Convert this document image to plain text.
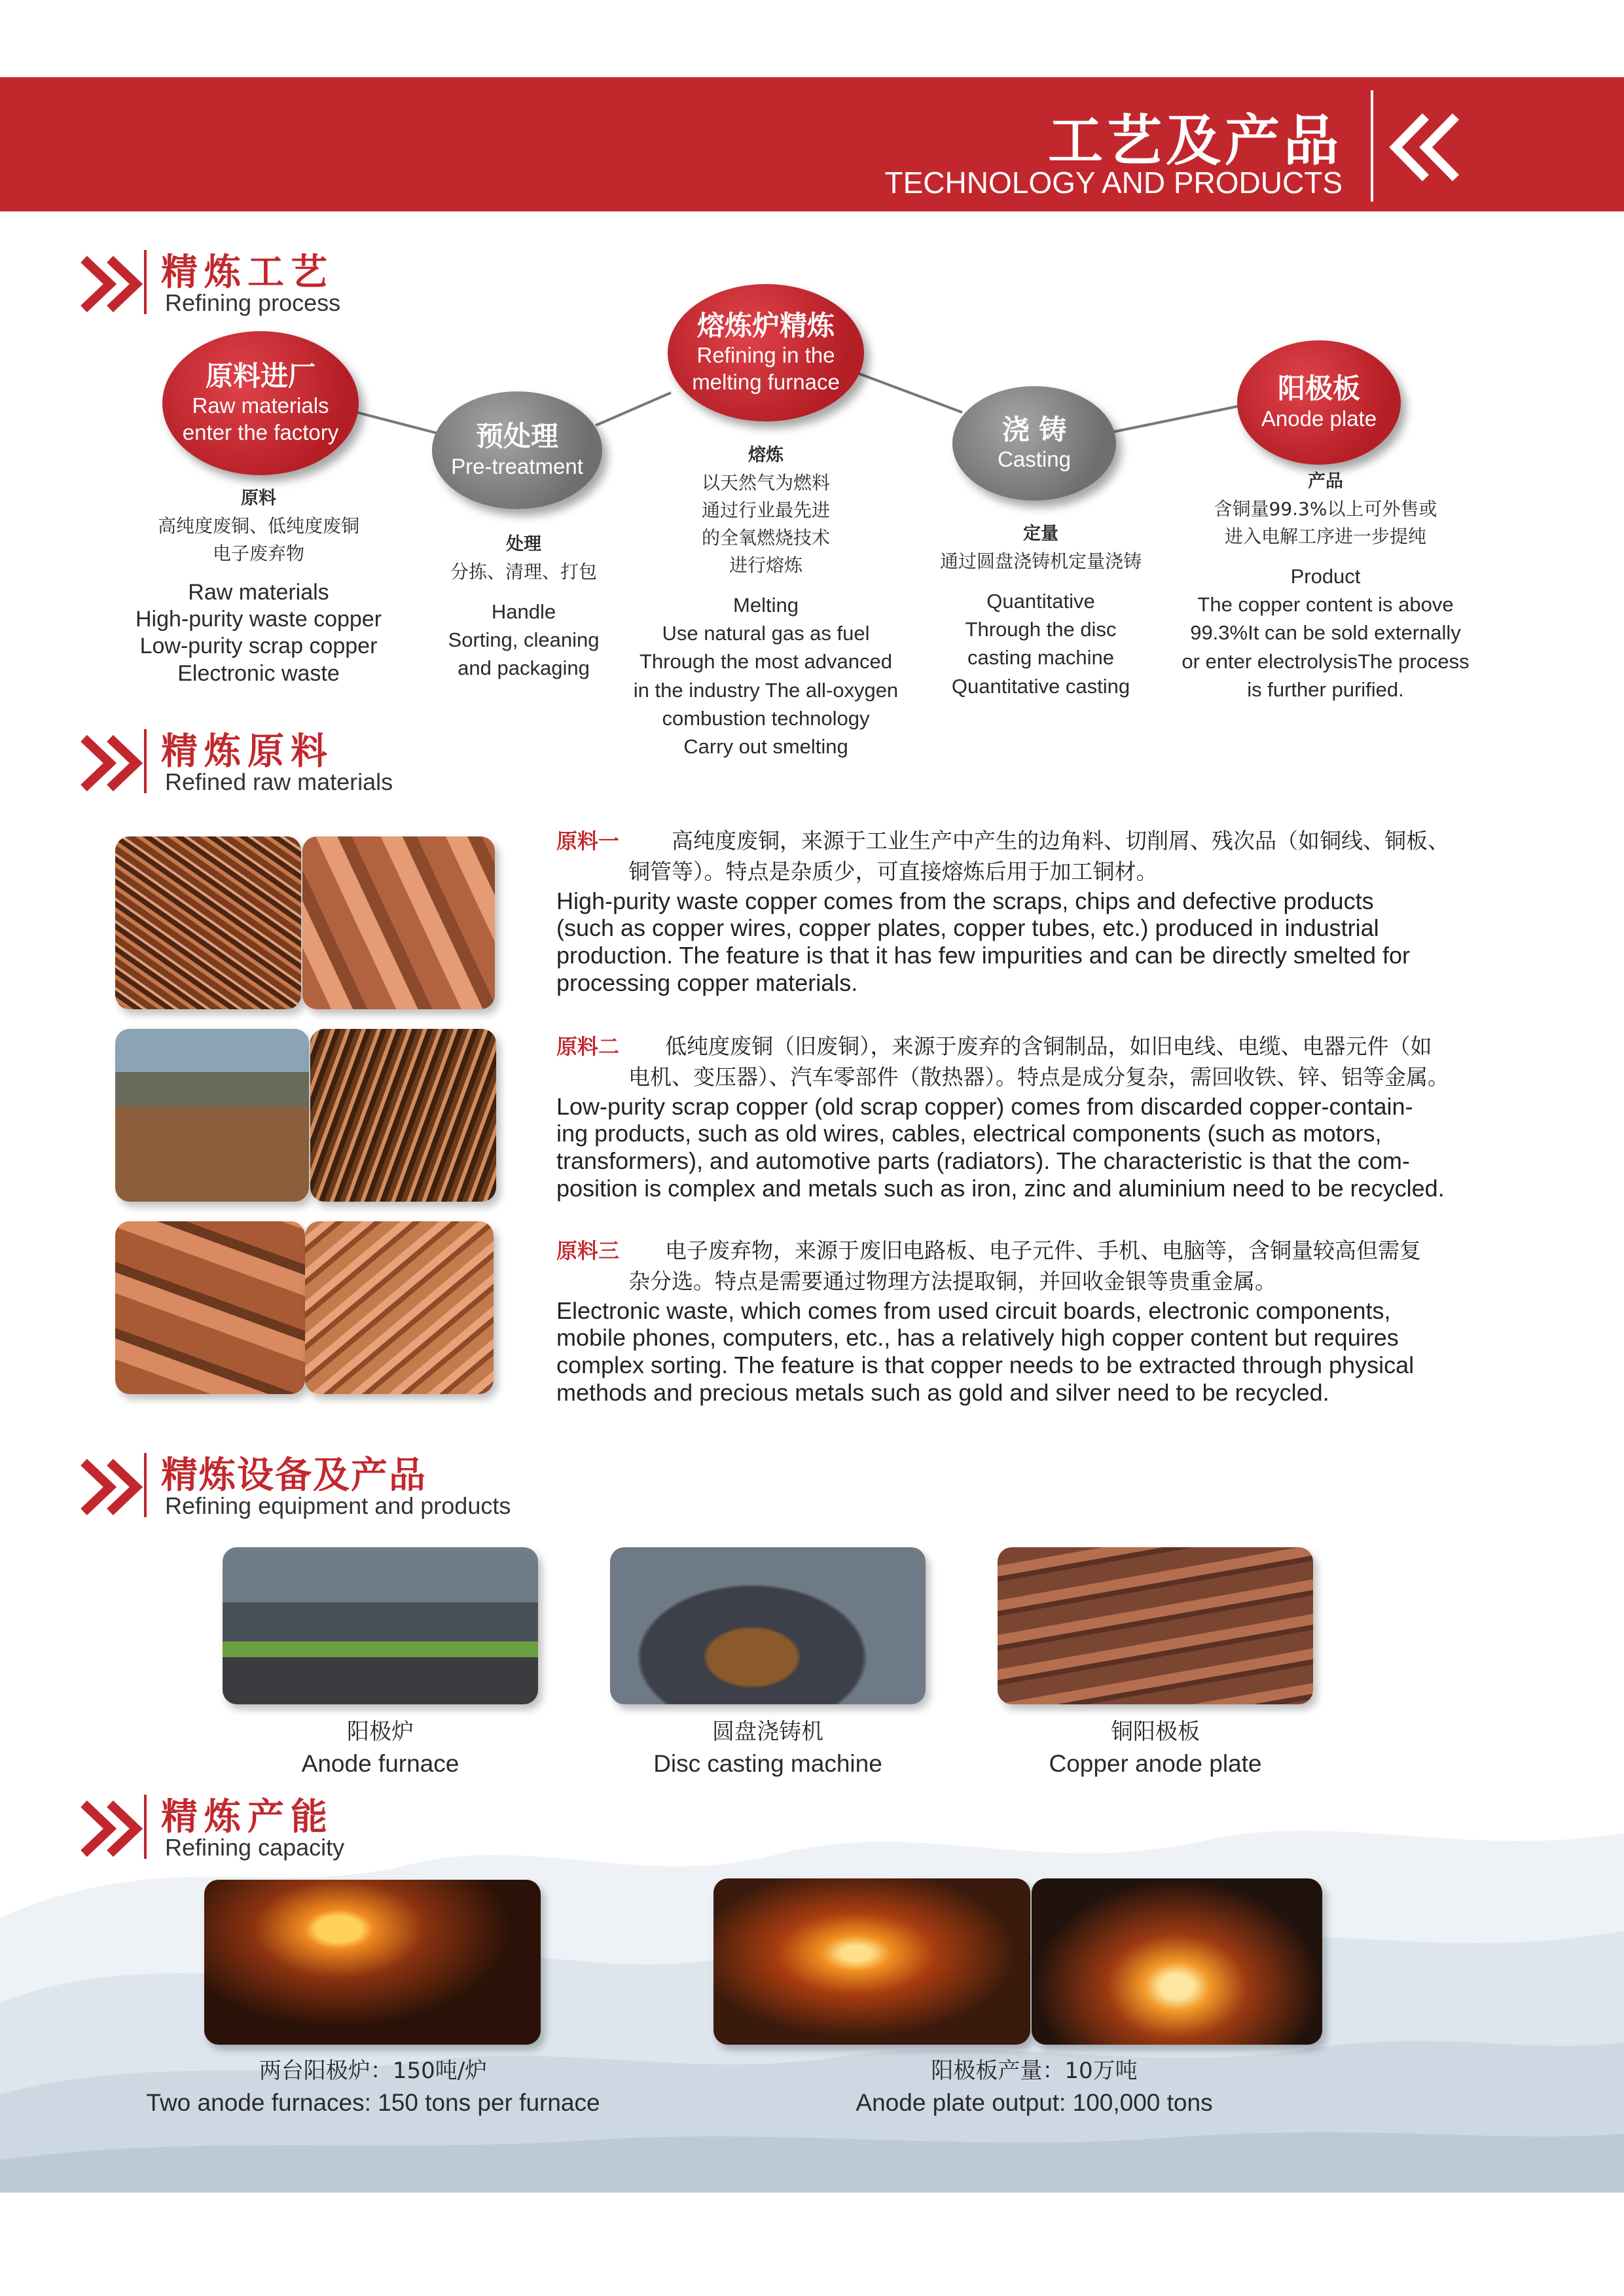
工艺及产品
TECHNOLOGY AND PRODUCTS
精炼工艺
Refining process
原料进厂
Raw materials
enter the factory	预处理
Pre-treatment
熔炼炉精炼
Refining in the
melting furnace
浇 铸
Casting
阳极板
Anode plate
原料
高纯度废铜、低纯度废铜
电子废弃物
Raw materials
High-purity waste copper
Low-purity scrap copper
Electronic waste
处理
分拣、清理、打包
Handle
Sorting, cleaning
and packaging
熔炼
以天然气为燃料
通过行业最先进
的全氧燃烧技术
进行熔炼
Melting
Use natural gas as fuel
Through the most advanced
in the industry The all-oxygen
combustion technology
Carry out smelting
定量
通过圆盘浇铸机定量浇铸
Quantitative
Through the disc
casting machine
Quantitative casting
产品
含铜量99.3%以上可外售或
进入电解工序进一步提纯
Product
The copper content is above
99.3%It can be sold externally
or enter electrolysisThe process
is further purified.
精炼原料
Refined raw materials
原料一 高纯度废铜，来源于工业生产中产生的边角料、切削屑、残次品（如铜线、铜板、
铜管等）。特点是杂质少，可直接熔炼后用于加工铜材。
High-purity waste copper comes from the scraps, chips and defective products
(such as copper wires, copper plates, copper tubes, etc.) produced in industrial
production. The feature is that it has few impurities and can be directly smelted for
processing copper materials.
原料二 低纯度废铜（旧废铜），来源于废弃的含铜制品，如旧电线、电缆、电器元件（如
电机、变压器）、汽车零部件（散热器）。特点是成分复杂，需回收铁、锌、铝等金属。
Low-purity scrap copper (old scrap copper) comes from discarded copper-contain-
ing products, such as old wires, cables, electrical components (such as motors,
transformers), and automotive parts (radiators). The characteristic is that the com-
position is complex and metals such as iron, zinc and aluminium need to be recycled.
原料三 电子废弃物，来源于废旧电路板、电子元件、手机、电脑等，含铜量较高但需复
杂分选。特点是需要通过物理方法提取铜，并回收金银等贵重金属。
Electronic waste, which comes from used circuit boards, electronic components,
mobile phones, computers, etc., has a relatively high copper content but requires
complex sorting. The feature is that copper needs to be extracted through physical
methods and precious metals such as gold and silver need to be recycled.
精炼设备及产品
Refining equipment and products
阳极炉
Anode furnace
圆盘浇铸机
Disc casting machine
铜阳极板
Copper anode plate
精炼产能
Refining capacity
两台阳极炉：150吨/炉
Two anode furnaces: 150 tons per furnace
阳极板产量：10万吨
Anode plate output: 100,000 tons
